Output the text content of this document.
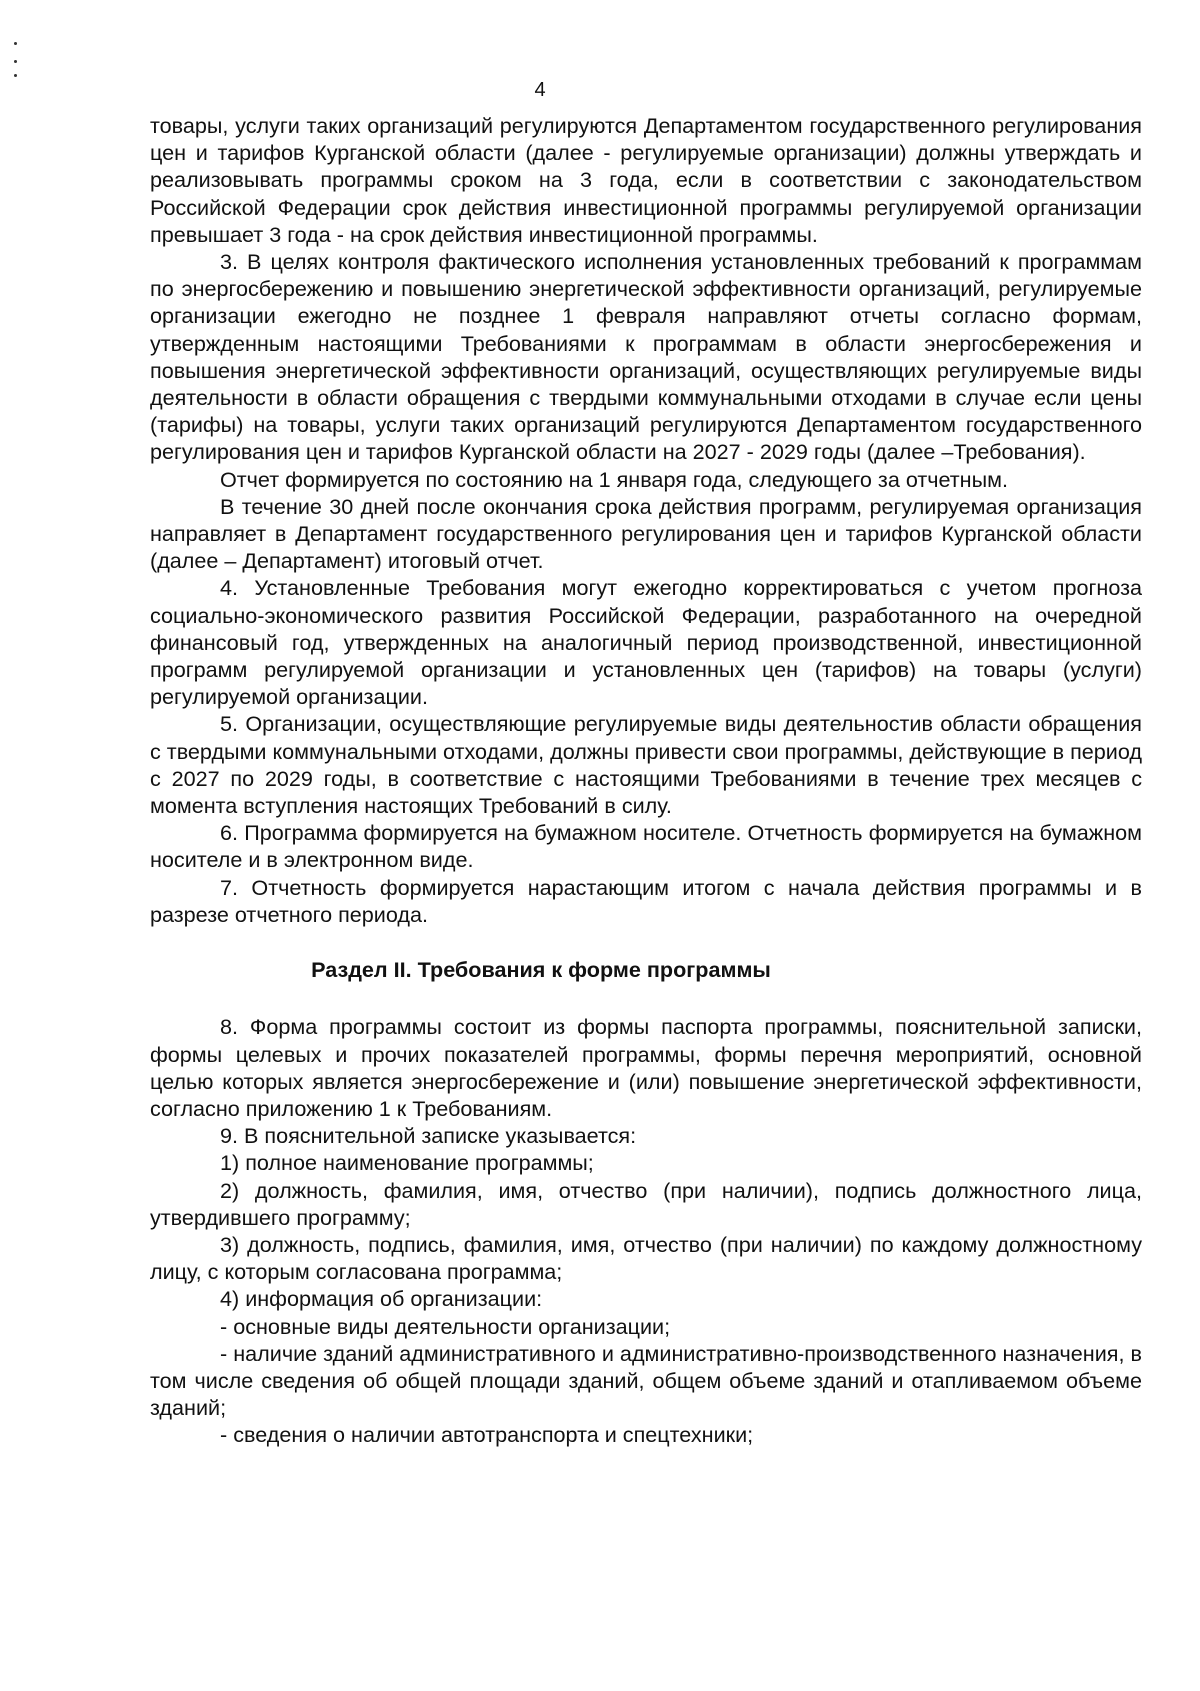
4

товары, услуги таких организаций регулируются Департаментом государственного регулирования цен и тарифов Курганской области (далее - регулируемые организации) должны утверждать и реализовывать программы сроком на 3 года, если в соответствии с законодательством Российской Федерации срок действия инвестиционной программы регулируемой организации превышает 3 года - на срок действия инвестиционной программы.

3. В целях контроля фактического исполнения установленных требований к программам по энергосбережению и повышению энергетической эффективности организаций, регулируемые организации ежегодно не позднее 1 февраля направляют отчеты согласно формам, утвержденным настоящими Требованиями к программам в области энергосбережения и повышения энергетической эффективности организаций, осуществляющих регулируемые виды деятельности в области обращения с твердыми коммунальными отходами в случае если цены (тарифы) на товары, услуги таких организаций регулируются Департаментом государственного регулирования цен и тарифов Курганской области на 2027 - 2029 годы (далее –Требования).

Отчет формируется по состоянию на 1 января года, следующего за отчетным.

В течение 30 дней после окончания срока действия программ, регулируемая организация направляет в Департамент государственного регулирования цен и тарифов Курганской области (далее – Департамент) итоговый отчет.

4. Установленные Требования могут ежегодно корректироваться с учетом прогноза социально-экономического развития Российской Федерации, разработанного на очередной финансовый год, утвержденных на аналогичный период производственной, инвестиционной программ регулируемой организации и установленных цен (тарифов) на товары (услуги) регулируемой организации.

5. Организации, осуществляющие регулируемые виды деятельностив области обращения с твердыми коммунальными отходами, должны привести свои программы, действующие в период с 2027 по 2029 годы, в соответствие с настоящими Требованиями в течение трех месяцев с момента вступления настоящих Требований в силу.

6. Программа формируется на бумажном носителе. Отчетность формируется на бумажном носителе и в электронном виде.

7. Отчетность формируется нарастающим итогом с начала действия программы и в разрезе отчетного периода.

Раздел II. Требования к форме программы

8. Форма программы состоит из формы паспорта программы, пояснительной записки, формы целевых и прочих показателей программы, формы перечня мероприятий, основной целью которых является энергосбережение и (или) повышение энергетической эффективности, согласно приложению 1 к Требованиям.

9. В пояснительной записке указывается:

1) полное наименование программы;

2) должность, фамилия, имя, отчество (при наличии), подпись должностного лица, утвердившего программу;

3) должность, подпись, фамилия, имя, отчество (при наличии) по каждому должностному лицу, с которым согласована программа;

4) информация об организации:

- основные виды деятельности организации;

- наличие зданий административного и административно-производственного назначения, в том числе сведения об общей площади зданий, общем объеме зданий и отапливаемом объеме зданий;

- сведения о наличии автотранспорта и спецтехники;
